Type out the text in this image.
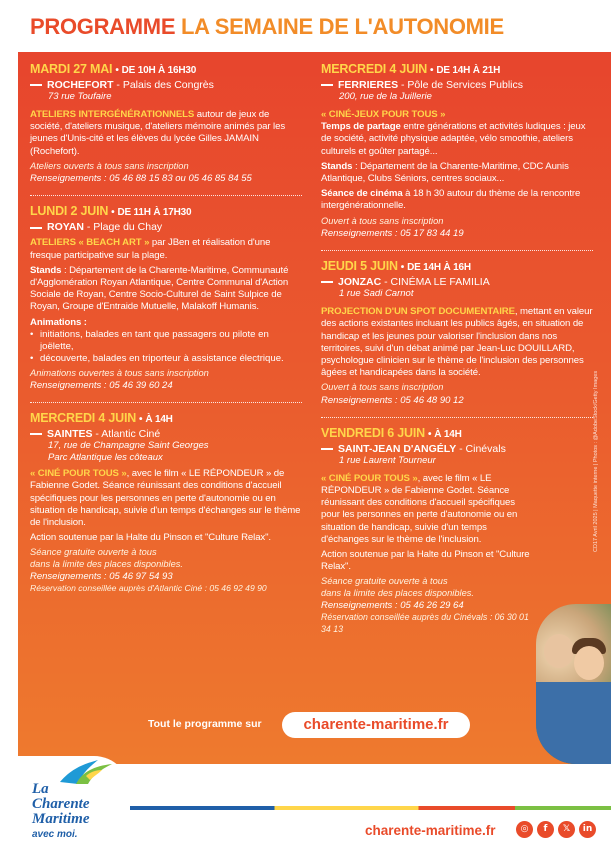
PROGRAMME LA SEMAINE DE L'AUTONOMIE
MARDI 27 MAI • DE 10H À 16H30
ROCHEFORT - Palais des Congrès
73 rue Toufaire
ATELIERS INTERGÉNÉRATIONNELS autour de jeux de société, d'ateliers musique, d'ateliers mémoire animés par les jeunes d'Unis-cité et les élèves du lycée Gilles JAMAIN (Rochefort).
Ateliers ouverts à tous sans inscription
Renseignements : 05 46 88 15 83 ou 05 46 85 84 55
LUNDI 2 JUIN • DE 11H À 17H30
ROYAN - Plage du Chay
ATELIERS « BEACH ART » par JBen et réalisation d'une fresque participative sur la plage.
Stands : Département de la Charente-Maritime, Communauté d'Agglomération Royan Atlantique, Centre Communal d'Action Sociale de Royan, Centre Socio-Culturel de Saint Sulpice de Royan, Groupe d'Entraide Mutuelle, Malakoff Humanis.
Animations :
• initiations, balades en tant que passagers ou pilote en joëlette,
• découverte, balades en triporteur à assistance électrique.
Animations ouvertes à tous sans inscription
Renseignements : 05 46 39 60 24
MERCREDI 4 JUIN • À 14H
SAINTES - Atlantic Ciné
17, rue de Champagne Saint Georges
Parc Atlantique les côteaux
« CINÉ POUR TOUS », avec le film « LE RÉPONDEUR » de Fabienne Godet. Séance réunissant des conditions d'accueil spécifiques pour les personnes en perte d'autonomie ou en situation de handicap, suivie d'un temps d'échanges sur le thème de l'inclusion.
Action soutenue par la Halte du Pinson et "Culture Relax".
Séance gratuite ouverte à tous
dans la limite des places disponibles.
Renseignements : 05 46 97 54 93
Réservation conseillée auprès d'Atlantic Ciné : 05 46 92 49 90
MERCREDI 4 JUIN • DE 14H À 21H
FERRIERES - Pôle de Services Publics
200, rue de la Juillerie
« CINÉ-JEUX POUR TOUS »
Temps de partage entre générations et activités ludiques : jeux de société, activité physique adaptée, vélo smoothie, ateliers culturels et goûter partagé...
Stands : Département de la Charente-Maritime, CDC Aunis Atlantique, Clubs Séniors, centres sociaux...
Séance de cinéma à 18 h 30 autour du thème de la rencontre intergénérationnelle.
Ouvert à tous sans inscription
Renseignements : 05 17 83 44 19
JEUDI 5 JUIN • DE 14H À 16H
JONZAC - CINÉMA LE FAMILIA
1 rue Sadi Carnot
PROJECTION D'UN SPOT DOCUMENTAIRE, mettant en valeur des actions existantes incluant les publics âgés, en situation de handicap et les jeunes pour valoriser l'inclusion dans nos territoires, suivi d'un débat animé par Jean-Luc DOUILLARD, psychologue clinicien sur le thème de l'inclusion des personnes âgées et handicapées dans la société.
Ouvert à tous sans inscription
Renseignements : 05 46 48 90 12
VENDREDI 6 JUIN • À 14H
SAINT-JEAN D'ANGÉLY - Cinévals
1 rue Laurent Tourneur
« CINÉ POUR TOUS », avec le film « LE RÉPONDEUR » de Fabienne Godet. Séance réunissant des conditions d'accueil spécifiques pour les personnes en perte d'autonomie ou en situation de handicap, suivie d'un temps d'échanges sur le thème de l'inclusion.
Action soutenue par la Halte du Pinson et "Culture Relax".
Séance gratuite ouverte à tous
dans la limite des places disponibles.
Renseignements : 05 46 26 29 64
Réservation conseillée auprès du Cinévals : 06 30 01 34 13
CD17 Avril 2025 | Maquette interne | Photos : @AdobeStock/Getty Images
Tout le programme sur	charente-maritime.fr
La
Charente
Maritime
avec moi.	charente-maritime.fr	◎	f	𝕏	in
